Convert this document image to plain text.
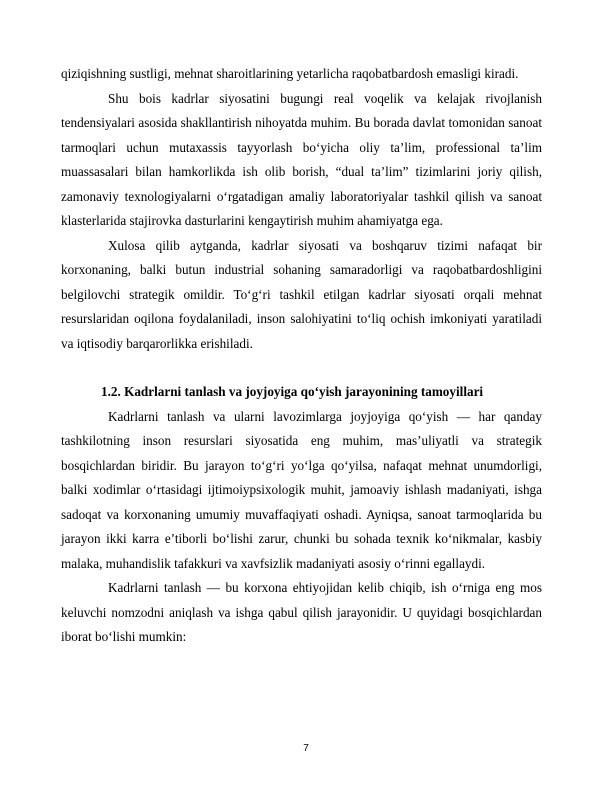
qiziqishning sustligi, mehnat sharoitlarining yetarlicha raqobatbardosh emasligi kiradi.

Shu bois kadrlar siyosatini bugungi real voqelik va kelajak rivojlanish tendensiyalari asosida shakllantirish nihoyatda muhim. Bu borada davlat tomonidan sanoat tarmoqlari uchun mutaxassis tayyorlash bo‘yicha oliy ta’lim, professional ta’lim muassasalari bilan hamkorlikda ish olib borish, “dual ta’lim” tizimlarini joriy qilish, zamonaviy texnologiyalarni o‘rgatadigan amaliy laboratoriyalar tashkil qilish va sanoat klasterlarida stajirovka dasturlarini kengaytirish muhim ahamiyatga ega.

Xulosa qilib aytganda, kadrlar siyosati va boshqaruv tizimi nafaqat bir korxonaning, balki butun industrial sohaning samaradorligi va raqobatbardoshligini belgilovchi strategik omildir. To‘g‘ri tashkil etilgan kadrlar siyosati orqali mehnat resurslaridan oqilona foydalaniladi, inson salohiyatini to‘liq ochish imkoniyati yaratiladi va iqtisodiy barqarorlikka erishiladi.

1.2. Kadrlarni tanlash va joyjoyiga qo‘yish jarayonining tamoyillari

Kadrlarni tanlash va ularni lavozimlarga joyjoyiga qo‘yish — har qanday tashkilotning inson resurslari siyosatida eng muhim, mas’uliyatli va strategik bosqichlardan biridir. Bu jarayon to‘g‘ri yo‘lga qo‘yilsa, nafaqat mehnat unumdorligi, balki xodimlar o‘rtasidagi ijtimoiypsixologik muhit, jamoaviy ishlash madaniyati, ishga sadoqat va korxonaning umumiy muvaffaqiyati oshadi. Ayniqsa, sanoat tarmoqlarida bu jarayon ikki karra e’tiborli bo‘lishi zarur, chunki bu sohada texnik ko‘nikmalar, kasbiy malaka, muhandislik tafakkuri va xavfsizlik madaniyati asosiy o‘rinni egallaydi.

Kadrlarni tanlash — bu korxona ehtiyojidan kelib chiqib, ish o‘rniga eng mos keluvchi nomzodni aniqlash va ishga qabul qilish jarayonidir. U quyidagi bosqichlardan iborat bo‘lishi mumkin:

7
